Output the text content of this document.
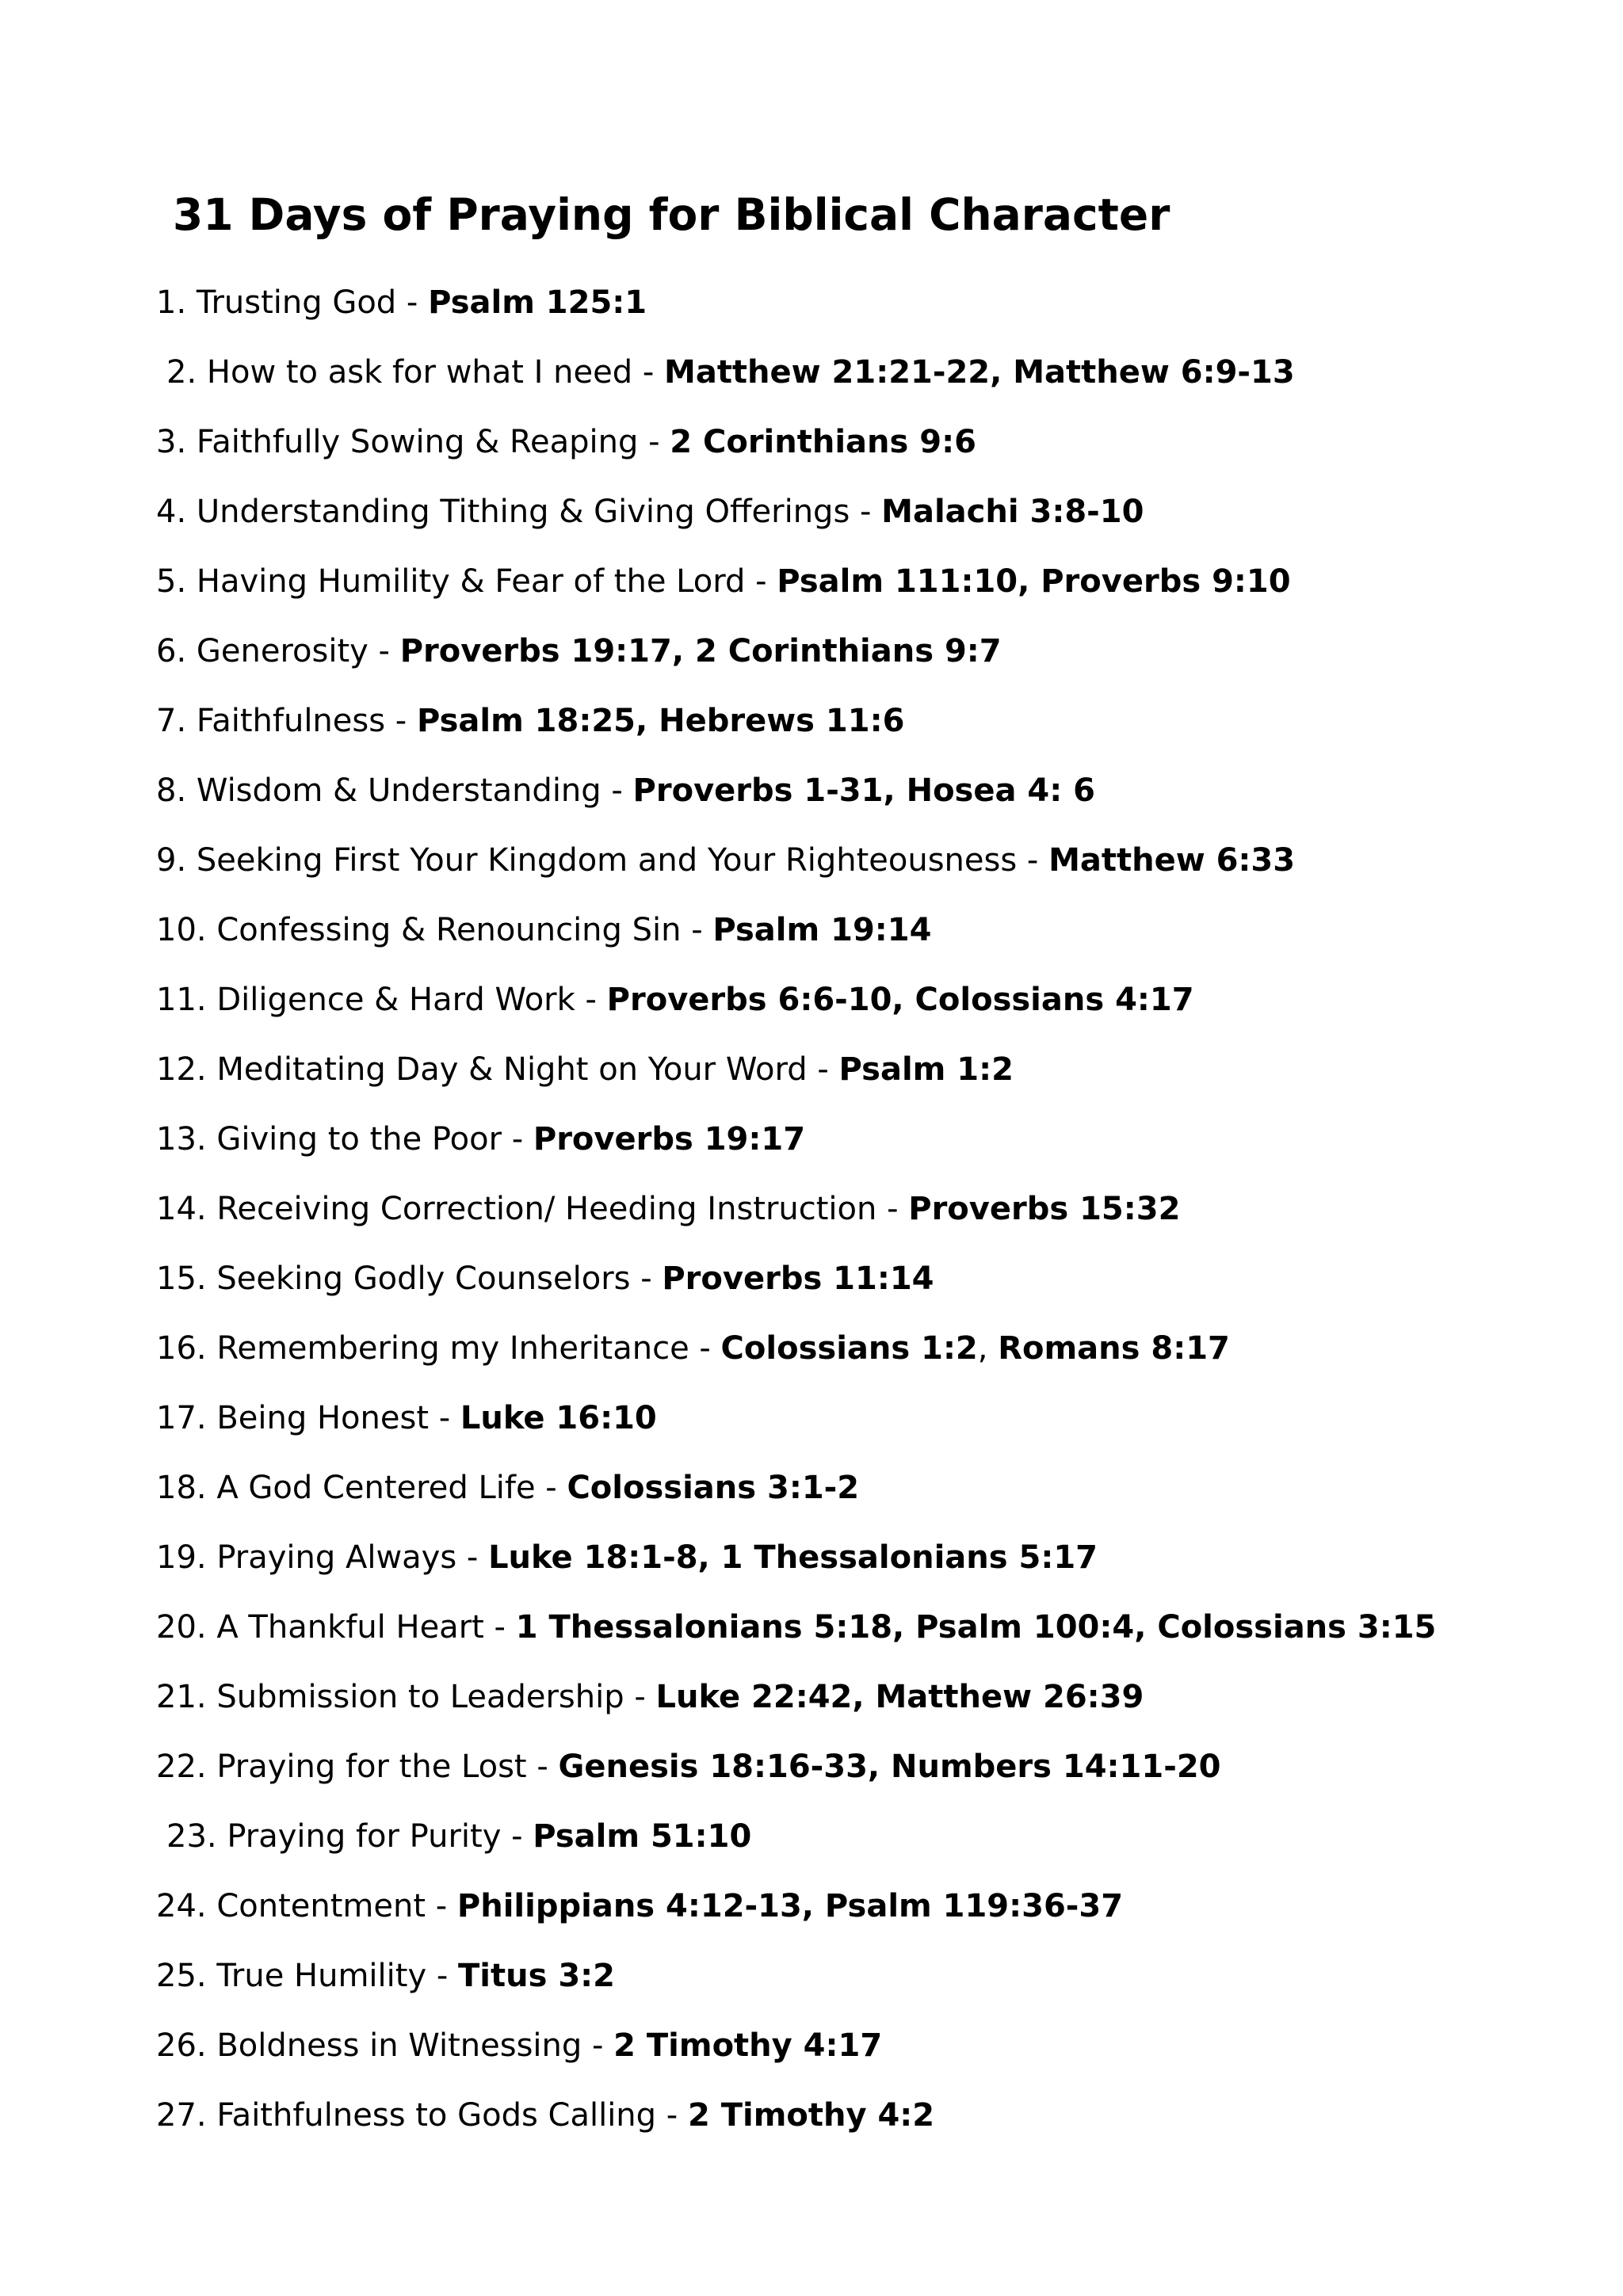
31 Days of Praying for Biblical Character
1. Trusting God - Psalm 125:1
2. How to ask for what I need - Matthew 21:21-22, Matthew 6:9-13
3. Faithfully Sowing & Reaping - 2 Corinthians 9:6
4. Understanding Tithing & Giving Offerings - Malachi 3:8-10
5. Having Humility & Fear of the Lord - Psalm 111:10, Proverbs 9:10
6. Generosity - Proverbs 19:17, 2 Corinthians 9:7
7. Faithfulness - Psalm 18:25, Hebrews 11:6
8. Wisdom & Understanding - Proverbs 1-31, Hosea 4: 6
9. Seeking First Your Kingdom and Your Righteousness - Matthew 6:33
10. Confessing & Renouncing Sin - Psalm 19:14
11. Diligence & Hard Work - Proverbs 6:6-10, Colossians 4:17
12. Meditating Day & Night on Your Word - Psalm 1:2
13. Giving to the Poor - Proverbs 19:17
14. Receiving Correction/ Heeding Instruction - Proverbs 15:32
15. Seeking Godly Counselors - Proverbs 11:14
16. Remembering my Inheritance - Colossians 1:2, Romans 8:17
17. Being Honest - Luke 16:10
18. A God Centered Life - Colossians 3:1-2
19. Praying Always - Luke 18:1-8, 1 Thessalonians 5:17
20. A Thankful Heart - 1 Thessalonians 5:18, Psalm 100:4, Colossians 3:15
21. Submission to Leadership - Luke 22:42, Matthew 26:39
22. Praying for the Lost - Genesis 18:16-33, Numbers 14:11-20
23. Praying for Purity - Psalm 51:10
24. Contentment - Philippians 4:12-13, Psalm 119:36-37
25. True Humility - Titus 3:2
26. Boldness in Witnessing - 2 Timothy 4:17
27. Faithfulness to Gods Calling - 2 Timothy 4:2
